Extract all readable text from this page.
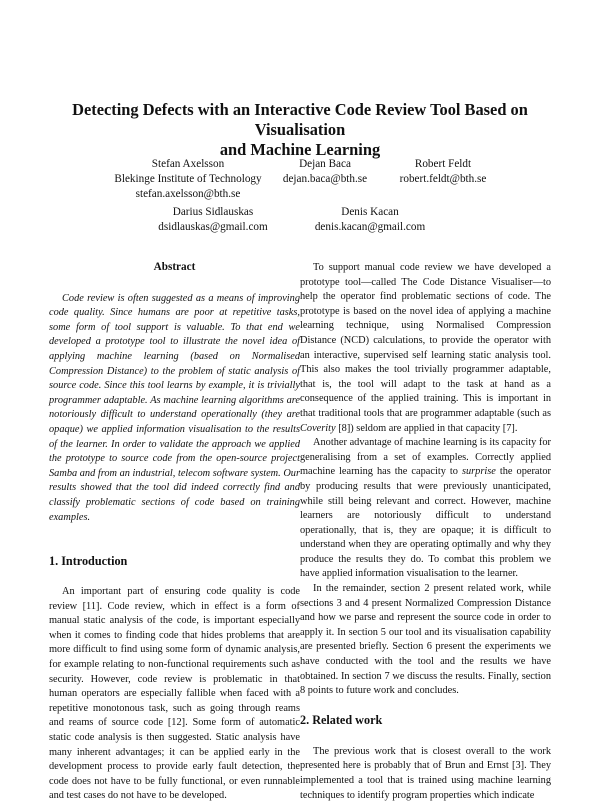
Detecting Defects with an Interactive Code Review Tool Based on Visualisation
and Machine Learning
Stefan Axelsson
Blekinge Institute of Technology
stefan.axelsson@bth.se
Dejan Baca
dejan.baca@bth.se
Robert Feldt
robert.feldt@bth.se
Darius Sidlauskas
dsidlauskas@gmail.com
Denis Kacan
denis.kacan@gmail.com
Abstract

Code review is often suggested as a means of improving code quality. Since humans are poor at repetitive tasks, some form of tool support is valuable. To that end we developed a prototype tool to illustrate the novel idea of applying machine learning (based on Normalised Compression Distance) to the problem of static analysis of source code. Since this tool learns by example, it is trivially programmer adaptable. As machine learning algorithms are notoriously difficult to understand operationally (they are opaque) we applied information visualisation to the results of the learner. In order to validate the approach we applied the prototype to source code from the open-source project Samba and from an industrial, telecom software system. Our results showed that the tool did indeed correctly find and classify problematic sections of code based on training examples.

1. Introduction

An important part of ensuring code quality is code review [11]. Code review, which in effect is a form of manual static analysis of the code, is important especially when it comes to finding code that hides problems that are more difficult to find using some form of dynamic analysis, for example relating to non-functional requirements such as security. However, code review is problematic in that human operators are especially fallible when faced with a repetitive monotonous task, such as going through reams and reams of source code [12]. Some form of automatic static code analysis is then suggested. Static analysis have many inherent advantages; it can be applied early in the development process to provide early fault detection, the code does not have to be fully functional, or even runnable and test cases do not have to be developed.

To support manual code review we have developed a prototype tool—called The Code Distance Visualiser—to help the operator find problematic sections of code. The prototype is based on the novel idea of applying a machine learning technique, using Normalised Compression Distance (NCD) calculations, to provide the operator with an interactive, supervised self learning static analysis tool. This also makes the tool trivially programmer adaptable, that is, the tool will adapt to the task at hand as a consequence of the applied training. This is important in that traditional tools that are programmer adaptable (such as Coverity [8]) seldom are applied in that capacity [7].

Another advantage of machine learning is its capacity for generalising from a set of examples. Correctly applied machine learning has the capacity to surprise the operator by producing results that were previously unanticipated, while still being relevant and correct. However, machine learners are notoriously difficult to understand operationally, that is, they are opaque; it is difficult to understand when they are operating optimally and why they produce the results they do. To combat this problem we have applied information visualisation to the learner.

In the remainder, section 2 present related work, while sections 3 and 4 present Normalized Compression Distance and how we parse and represent the source code in order to apply it. In section 5 our tool and its visualisation capability are presented briefly. Section 6 present the experiments we have conducted with the tool and the results we have obtained. In section 7 we discuss the results. Finally, section 8 points to future work and concludes.

2. Related work

The previous work that is closest overall to the work presented here is probably that of Brun and Ernst [3]. They implemented a tool that is trained using machine learning techniques to identify program properties which indicate
